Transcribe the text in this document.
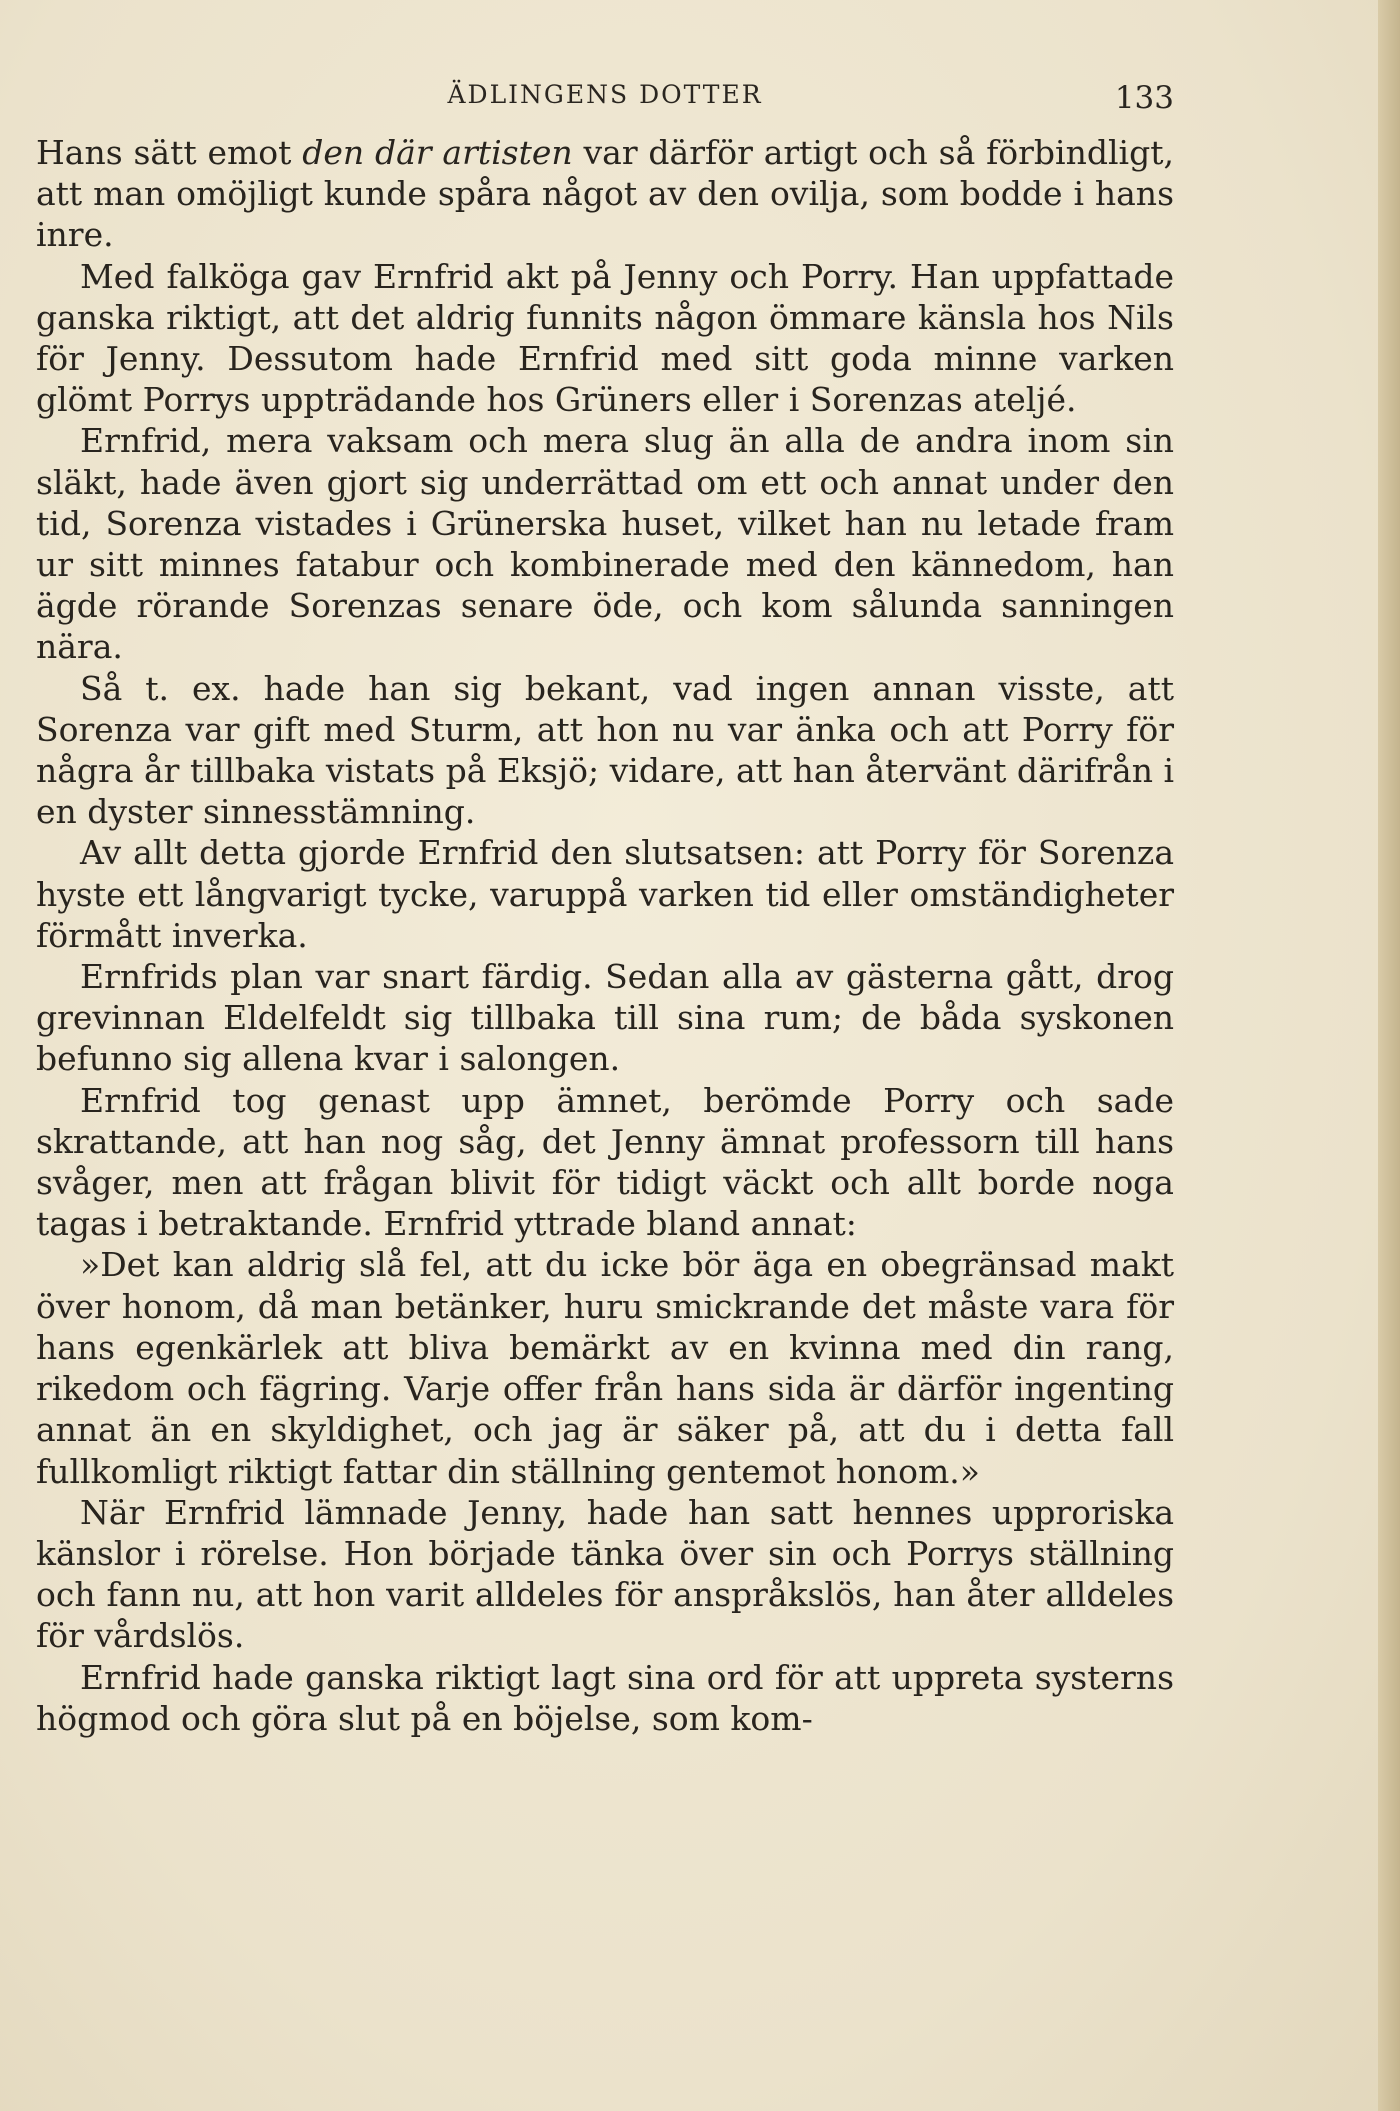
ÄDLINGENS DOTTER	133

Hans sätt emot den där artisten var därför artigt och så förbindligt, att man omöjligt kunde spåra något av den ovilja, som bodde i hans inre.

Med falköga gav Ernfrid akt på Jenny och Porry. Han uppfattade ganska riktigt, att det aldrig funnits någon ömmare känsla hos Nils för Jenny. Dessutom hade Ernfrid med sitt goda minne varken glömt Porrys uppträdande hos Grüners eller i Sorenzas ateljé.

Ernfrid, mera vaksam och mera slug än alla de andra inom sin släkt, hade även gjort sig underrättad om ett och annat under den tid, Sorenza vistades i Grünerska huset, vilket han nu letade fram ur sitt minnes fatabur och kombinerade med den kännedom, han ägde rörande Sorenzas senare öde, och kom sålunda sanningen nära.

Så t. ex. hade han sig bekant, vad ingen annan visste, att Sorenza var gift med Sturm, att hon nu var änka och att Porry för några år tillbaka vistats på Eksjö; vidare, att han återvänt därifrån i en dyster sinnesstämning.

Av allt detta gjorde Ernfrid den slutsatsen: att Porry för Sorenza hyste ett långvarigt tycke, varuppå varken tid eller omständigheter förmått inverka.

Ernfrids plan var snart färdig. Sedan alla av gästerna gått, drog grevinnan Eldelfeldt sig tillbaka till sina rum; de båda syskonen befunno sig allena kvar i salongen.

Ernfrid tog genast upp ämnet, berömde Porry och sade skrattande, att han nog såg, det Jenny ämnat professorn till hans svåger, men att frågan blivit för tidigt väckt och allt borde noga tagas i betraktande. Ernfrid yttrade bland annat:

»Det kan aldrig slå fel, att du icke bör äga en obegränsad makt över honom, då man betänker, huru smickrande det måste vara för hans egenkärlek att bliva bemärkt av en kvinna med din rang, rikedom och fägring. Varje offer från hans sida är därför ingenting annat än en skyldighet, och jag är säker på, att du i detta fall fullkomligt riktigt fattar din ställning gentemot honom.»

När Ernfrid lämnade Jenny, hade han satt hennes upproriska känslor i rörelse. Hon började tänka över sin och Porrys ställning och fann nu, att hon varit alldeles för anspråkslös, han åter alldeles för vårdslös.

Ernfrid hade ganska riktigt lagt sina ord för att uppreta systerns högmod och göra slut på en böjelse, som kom-
